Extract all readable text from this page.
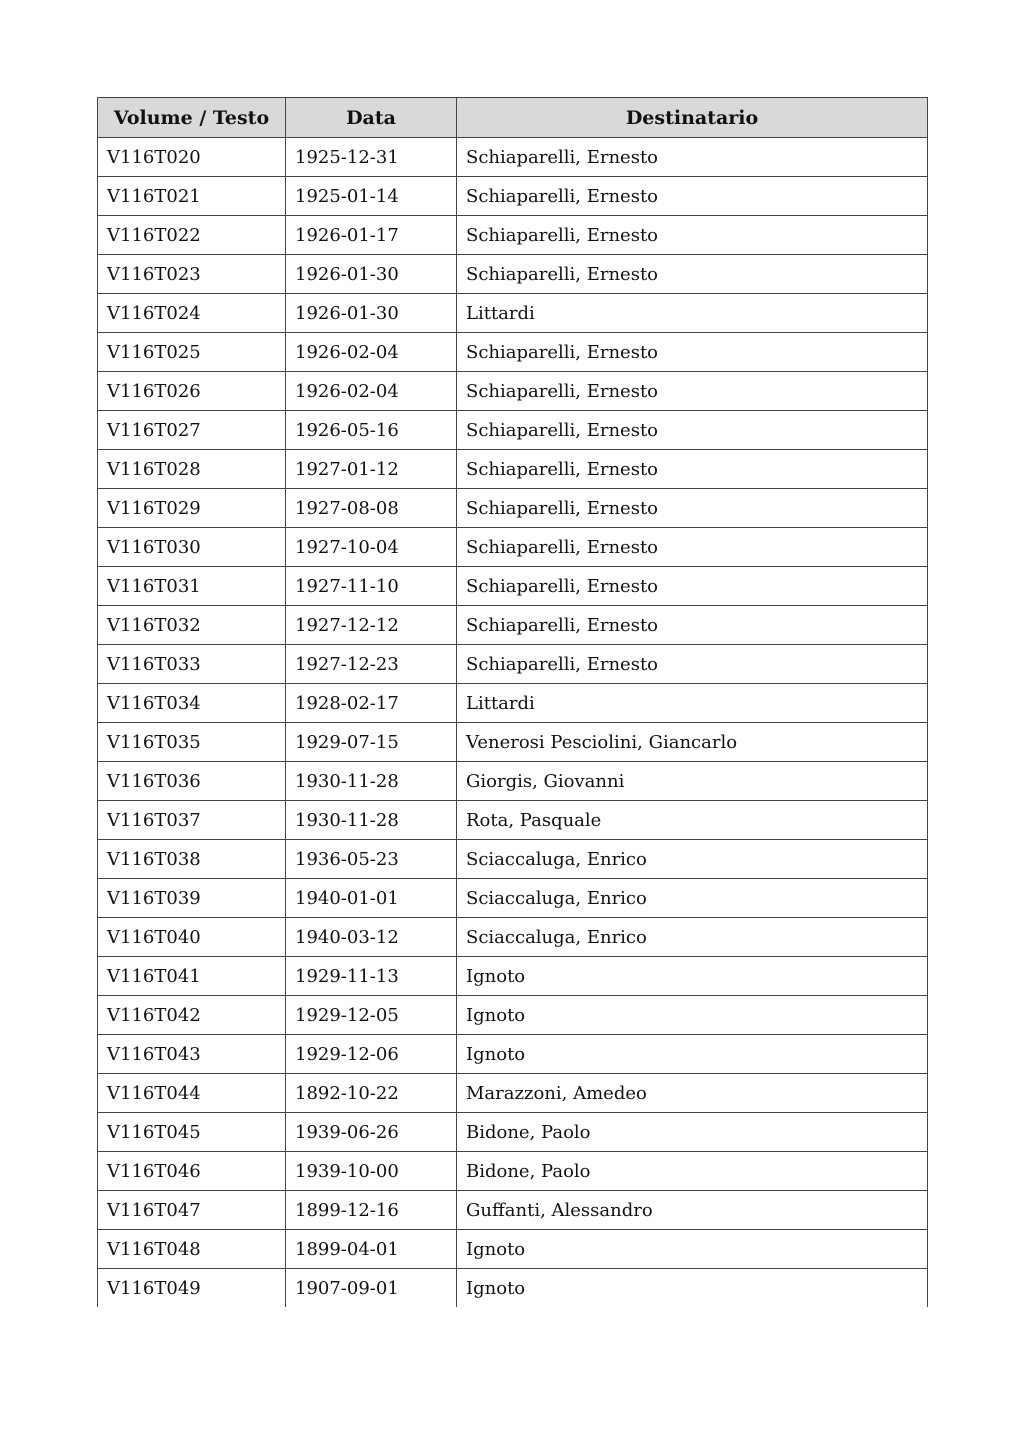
Volume / Testo	Data	Destinatario
V116T020	1925-12-31	Schiaparelli, Ernesto
V116T021	1925-01-14	Schiaparelli, Ernesto
V116T022	1926-01-17	Schiaparelli, Ernesto
V116T023	1926-01-30	Schiaparelli, Ernesto
V116T024	1926-01-30	Littardi
V116T025	1926-02-04	Schiaparelli, Ernesto
V116T026	1926-02-04	Schiaparelli, Ernesto
V116T027	1926-05-16	Schiaparelli, Ernesto
V116T028	1927-01-12	Schiaparelli, Ernesto
V116T029	1927-08-08	Schiaparelli, Ernesto
V116T030	1927-10-04	Schiaparelli, Ernesto
V116T031	1927-11-10	Schiaparelli, Ernesto
V116T032	1927-12-12	Schiaparelli, Ernesto
V116T033	1927-12-23	Schiaparelli, Ernesto
V116T034	1928-02-17	Littardi
V116T035	1929-07-15	Venerosi Pesciolini, Giancarlo
V116T036	1930-11-28	Giorgis, Giovanni
V116T037	1930-11-28	Rota, Pasquale
V116T038	1936-05-23	Sciaccaluga, Enrico
V116T039	1940-01-01	Sciaccaluga, Enrico
V116T040	1940-03-12	Sciaccaluga, Enrico
V116T041	1929-11-13	Ignoto
V116T042	1929-12-05	Ignoto
V116T043	1929-12-06	Ignoto
V116T044	1892-10-22	Marazzoni, Amedeo
V116T045	1939-06-26	Bidone, Paolo
V116T046	1939-10-00	Bidone, Paolo
V116T047	1899-12-16	Guffanti, Alessandro
V116T048	1899-04-01	Ignoto
V116T049	1907-09-01	Ignoto
